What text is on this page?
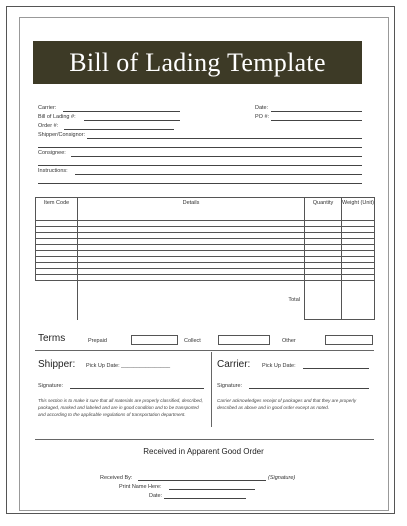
Bill of Lading Template
Carrier:
Bill of Lading #:
Order #:
Date:
PO #:
Shipper/Consignor:
Consignee:
Instructions:
Item Code	Details	Quantity	Weight (Unit)

	Total		
Terms	Prepaid	Collect	Other
Shipper: Pick Up Date: ________________
Signature:
This section is to make it sure that all materials are properly classified, described, packaged, marked and labeled and are in good condition and to be transported and according to the applicable regulations of transportation department.
Carrier: Pick Up Date:
Signature:
Carrier acknowledges receipt of packages and that they are properly described as above and in good order except as noted.
Received in Apparent Good Order
Received By:	(Signature)
Print Name Here:
Date:
